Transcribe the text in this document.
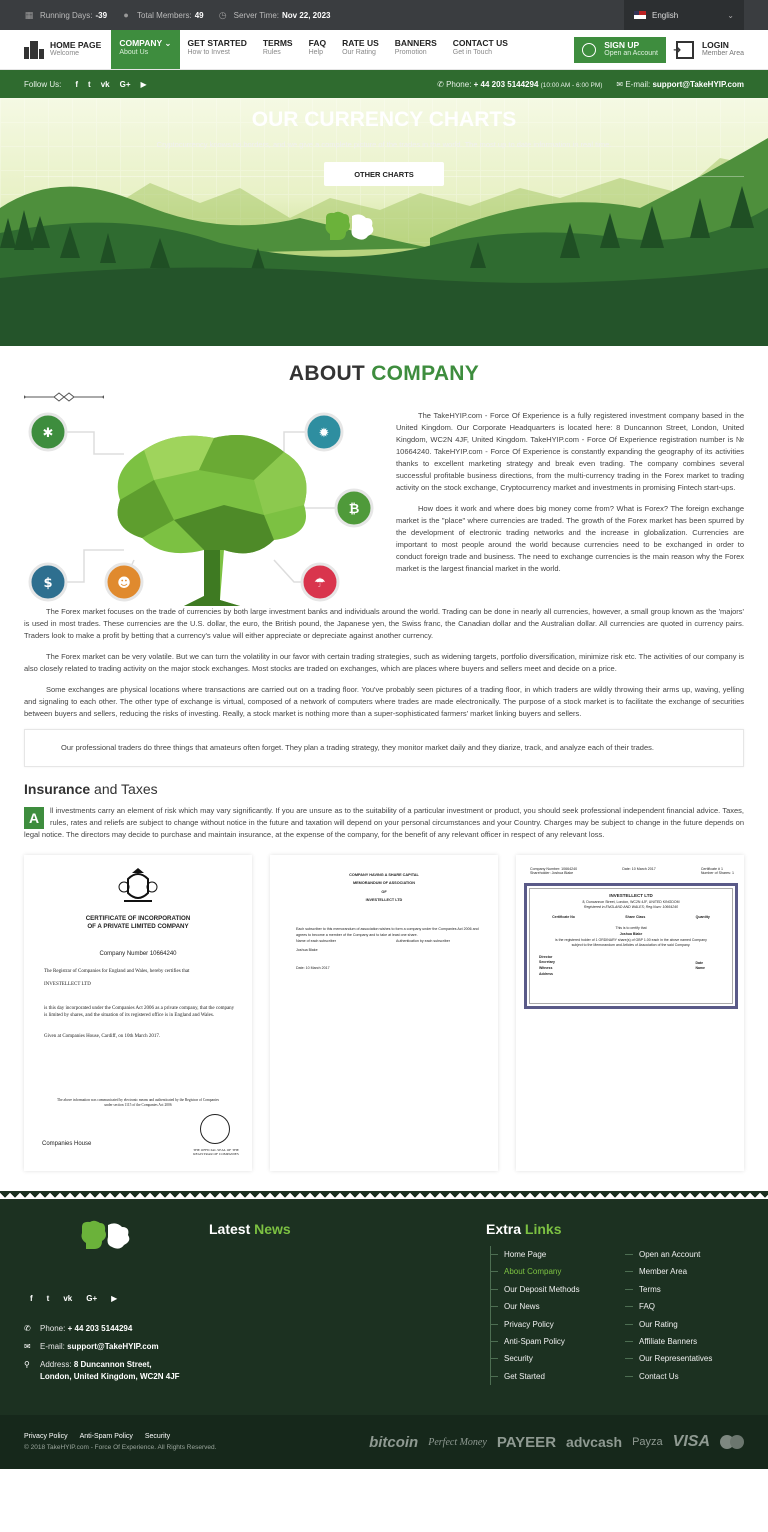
▦ Running Days: -39 ● Total Members: 49 ◷ Server Time: Nov 22, 2023	English	⌄
HOME PAGE
Welcome
COMPANY ⌄
About Us
GET STARTED
How to Invest
TERMS
Rules
FAQ
Help
RATE US
Our Rating
BANNERS
Promotion
CONTACT US
Get in Touch
SIGN UP
Open an Account ➜ LOGIN
Member Area
Follow Us: f t vk G+ ▶	✆ Phone: + 44 203 5144294 (10:00 AM - 6:00 PM) ✉ E-mail: support@TakeHYIP.com
OUR CURRENCY CHARTS
Cryptocurrency knows no borders, and we give a complete picture of the trades in the world. The most up to date information in real time.
OTHER CHARTS
ABOUT COMPANY
✱	✹
₿
$	☻	☂

The TakeHYIP.com - Force Of Experience is a fully registered investment company based in the United Kingdom. Our Corporate Headquarters is located here: 8 Duncannon Street, London, United Kingdom, WC2N 4JF, United Kingdom. TakeHYIP.com - Force Of Experience registration number is № 10664240. TakeHYIP.com - Force Of Experience is constantly expanding the geography of its activities thanks to excellent marketing strategy and break even trading. The company combines several successful profitable business directions, from the multi-currency trading in the Forex market to trading activity on the stock exchange, Cryptocurrency market and investments in promising Fintech start-ups.

How does it work and where does big money come from? What is Forex? The foreign exchange market is the "place" where currencies are traded. The growth of the Forex market has been spurred by the development of electronic trading networks and the increase in globalization. Currencies are important to most people around the world because currencies need to be exchanged in order to conduct foreign trade and business. The need to exchange currencies is the main reason why the Forex market is the largest financial market in the world.

The Forex market focuses on the trade of currencies by both large investment banks and individuals around the world. Trading can be done in nearly all currencies, however, a small group known as the 'majors' is used in most trades. These currencies are the U.S. dollar, the euro, the British pound, the Japanese yen, the Swiss franc, the Canadian dollar and the Australian dollar. All currencies are quoted in currency pairs. Traders look to make a profit by betting that a currency's value will either appreciate or depreciate against another currency.

The Forex market can be very volatile. But we can turn the volatility in our favor with certain trading strategies, such as widening targets, portfolio diversification, minimize risk etc. The activities of our company is also closely related to trading activity on the major stock exchanges. Most stocks are traded on exchanges, which are places where buyers and sellers meet and decide on a price.

Some exchanges are physical locations where transactions are carried out on a trading floor. You've probably seen pictures of a trading floor, in which traders are wildly throwing their arms up, waving, yelling and signaling to each other. The other type of exchange is virtual, composed of a network of computers where trades are made electronically. The purpose of a stock market is to facilitate the exchange of securities between buyers and sellers, reducing the risks of investing. Really, a stock market is nothing more than a super-sophisticated farmers' market linking buyers and sellers.

Our professional traders do three things that amateurs often forget. They plan a trading strategy, they monitor market daily and they diarize, track, and analyze each of their trades.
Insurance and Taxes
A	ll investments carry an element of risk which may vary significantly. If you are unsure as to the suitability of a particular investment or product, you should seek professional independent financial advice. Taxes, rules, rates and reliefs are subject to change without notice in the future and taxation will depend on your personal circumstances and your Country. Charges may be subject to change in the future depends on legal notice. The directors may decide to purchase and maintain insurance, at the expense of the company, for the benefit of any relevant officer in respect of any relevant loss.
CERTIFICATE OF INCORPORATION OF A PRIVATE LIMITED COMPANY
Company Number 10664240
The Registrar of Companies for England and Wales, hereby certifies that
INVESTELLECT LTD
is this day incorporated under the Companies Act 2006 as a private company, that the company is limited by shares, and the situation of its registered office is in England and Wales.
Given at Companies House, Cardiff, on 10th March 2017.
The above information was communicated by electronic means and authenticated by the Registrar of Companies under section 1115 of the Companies Act 2006
Companies House
THE OFFICIAL SEAL OF THE REGISTRAR OF COMPANIES
COMPANY HAVING A SHARE CAPITAL
MEMORANDUM OF ASSOCIATION
OF
INVESTELLECT LTD
Each subscriber to this memorandum of association wishes to form a company under the Companies Act 2006 and agrees to become a member of the Company and to take at least one share.
Name of each subscriber	Authentication by each subscriber
Joshua Blake
Date: 10 March 2017
Company Number: 10664240
Shareholder: Joshua Blake
Date: 10 March 2017	Certificate # 1
Number of Shares: 1
INVESTELLECT LTD
8, Duncannon Street, London, WC2N 4JF, UNITED KINGDOM
Registered in ENGLAND AND WALES; Reg.Num: 10664240
Certificate No	Share Class	Quantity
This is to certify that
Joshua Blake
is the registered holder of 1 ORDINARY share(s) of GBP 1.00 each in the above named Company subject to the Memorandum and Articles of Association of the said Company.
Director
Secretary
Witness
Address
Date
Name
f t vk G+ ▶
✆	Phone:
+ 44 203 5144294
✉	E-mail:
support@TakeHYIP.com
⚲	Address: 8 Duncannon Street,
London, United Kingdom, WC2N 4JF
Latest News	Extra Links
Home Page
About Company
Our Deposit Methods
Our News
Privacy Policy
Anti-Spam Policy
Security
Get Started
Open an Account
Member Area
Terms
FAQ
Our Rating
Affiliate Banners
Our Representatives
Contact Us
Privacy Policy Anti-Spam Policy Security
© 2018 TakeHYIP.com - Force Of Experience. All Rights Reserved.	bitcoin Perfect Money PAYEER advcash Payza VISA
